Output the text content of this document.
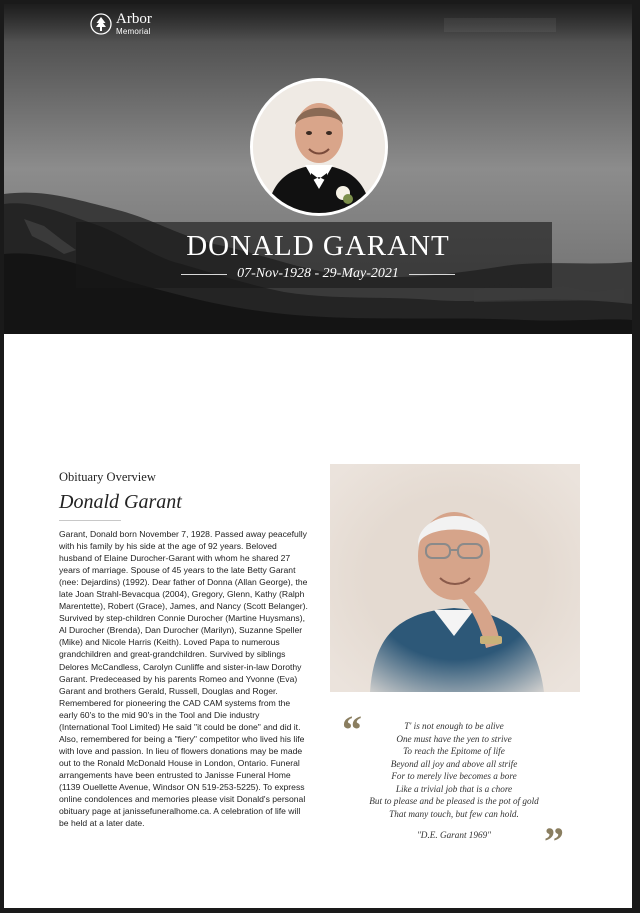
Arbor
Memorial
DONALD GARANT
07-Nov-1928 - 29-May-2021
Obituary Overview
Donald Garant
Garant, Donald born November 7, 1928. Passed away peacefully with his family by his side at the age of 92 years. Beloved husband of Elaine Durocher-Garant with whom he shared 27 years of marriage. Spouse of 45 years to the late Betty Garant (nee: Dejardins) (1992). Dear father of Donna (Allan George), the late Joan Strahl-Bevacqua (2004), Gregory, Glenn, Kathy (Ralph Marentette), Robert (Grace), James, and Nancy (Scott Belanger). Survived by step-children Connie Durocher (Martine Huysmans), Al Durocher (Brenda), Dan Durocher (Marilyn), Suzanne Speller (Mike) and Nicole Harris (Keith). Loved Papa to numerous grandchildren and great-grandchildren. Survived by siblings Delores McCandless, Carolyn Cunliffe and sister-in-law Dorothy Garant. Predeceased by his parents Romeo and Yvonne (Eva) Garant and brothers Gerald, Russell, Douglas and Roger. Remembered for pioneering the CAD CAM systems from the early 60's to the mid 90's in the Tool and Die industry (International Tool Limited) He said "it could be done" and did it. Also, remembered for being a "fiery" competitor who lived his life with love and passion. In lieu of flowers donations may be made out to the Ronald McDonald House in London, Ontario. Funeral arrangements have been entrusted to Janisse Funeral Home (1139 Ouellette Avenue, Windsor ON 519-253-5225). To express online condolences and memories please visit Donald's personal obituary page at janissefuneralhome.ca. A celebration of life will be held at a later date.
“	T' is not enough to be alive
One must have the yen to strive
To reach the Epitome of life
Beyond all joy and above all strife
For to merely live becomes a bore
Like a trivial job that is a chore
But to please and be pleased is the pot of gold
That many touch, but few can hold.
"D.E. Garant 1969"	”
